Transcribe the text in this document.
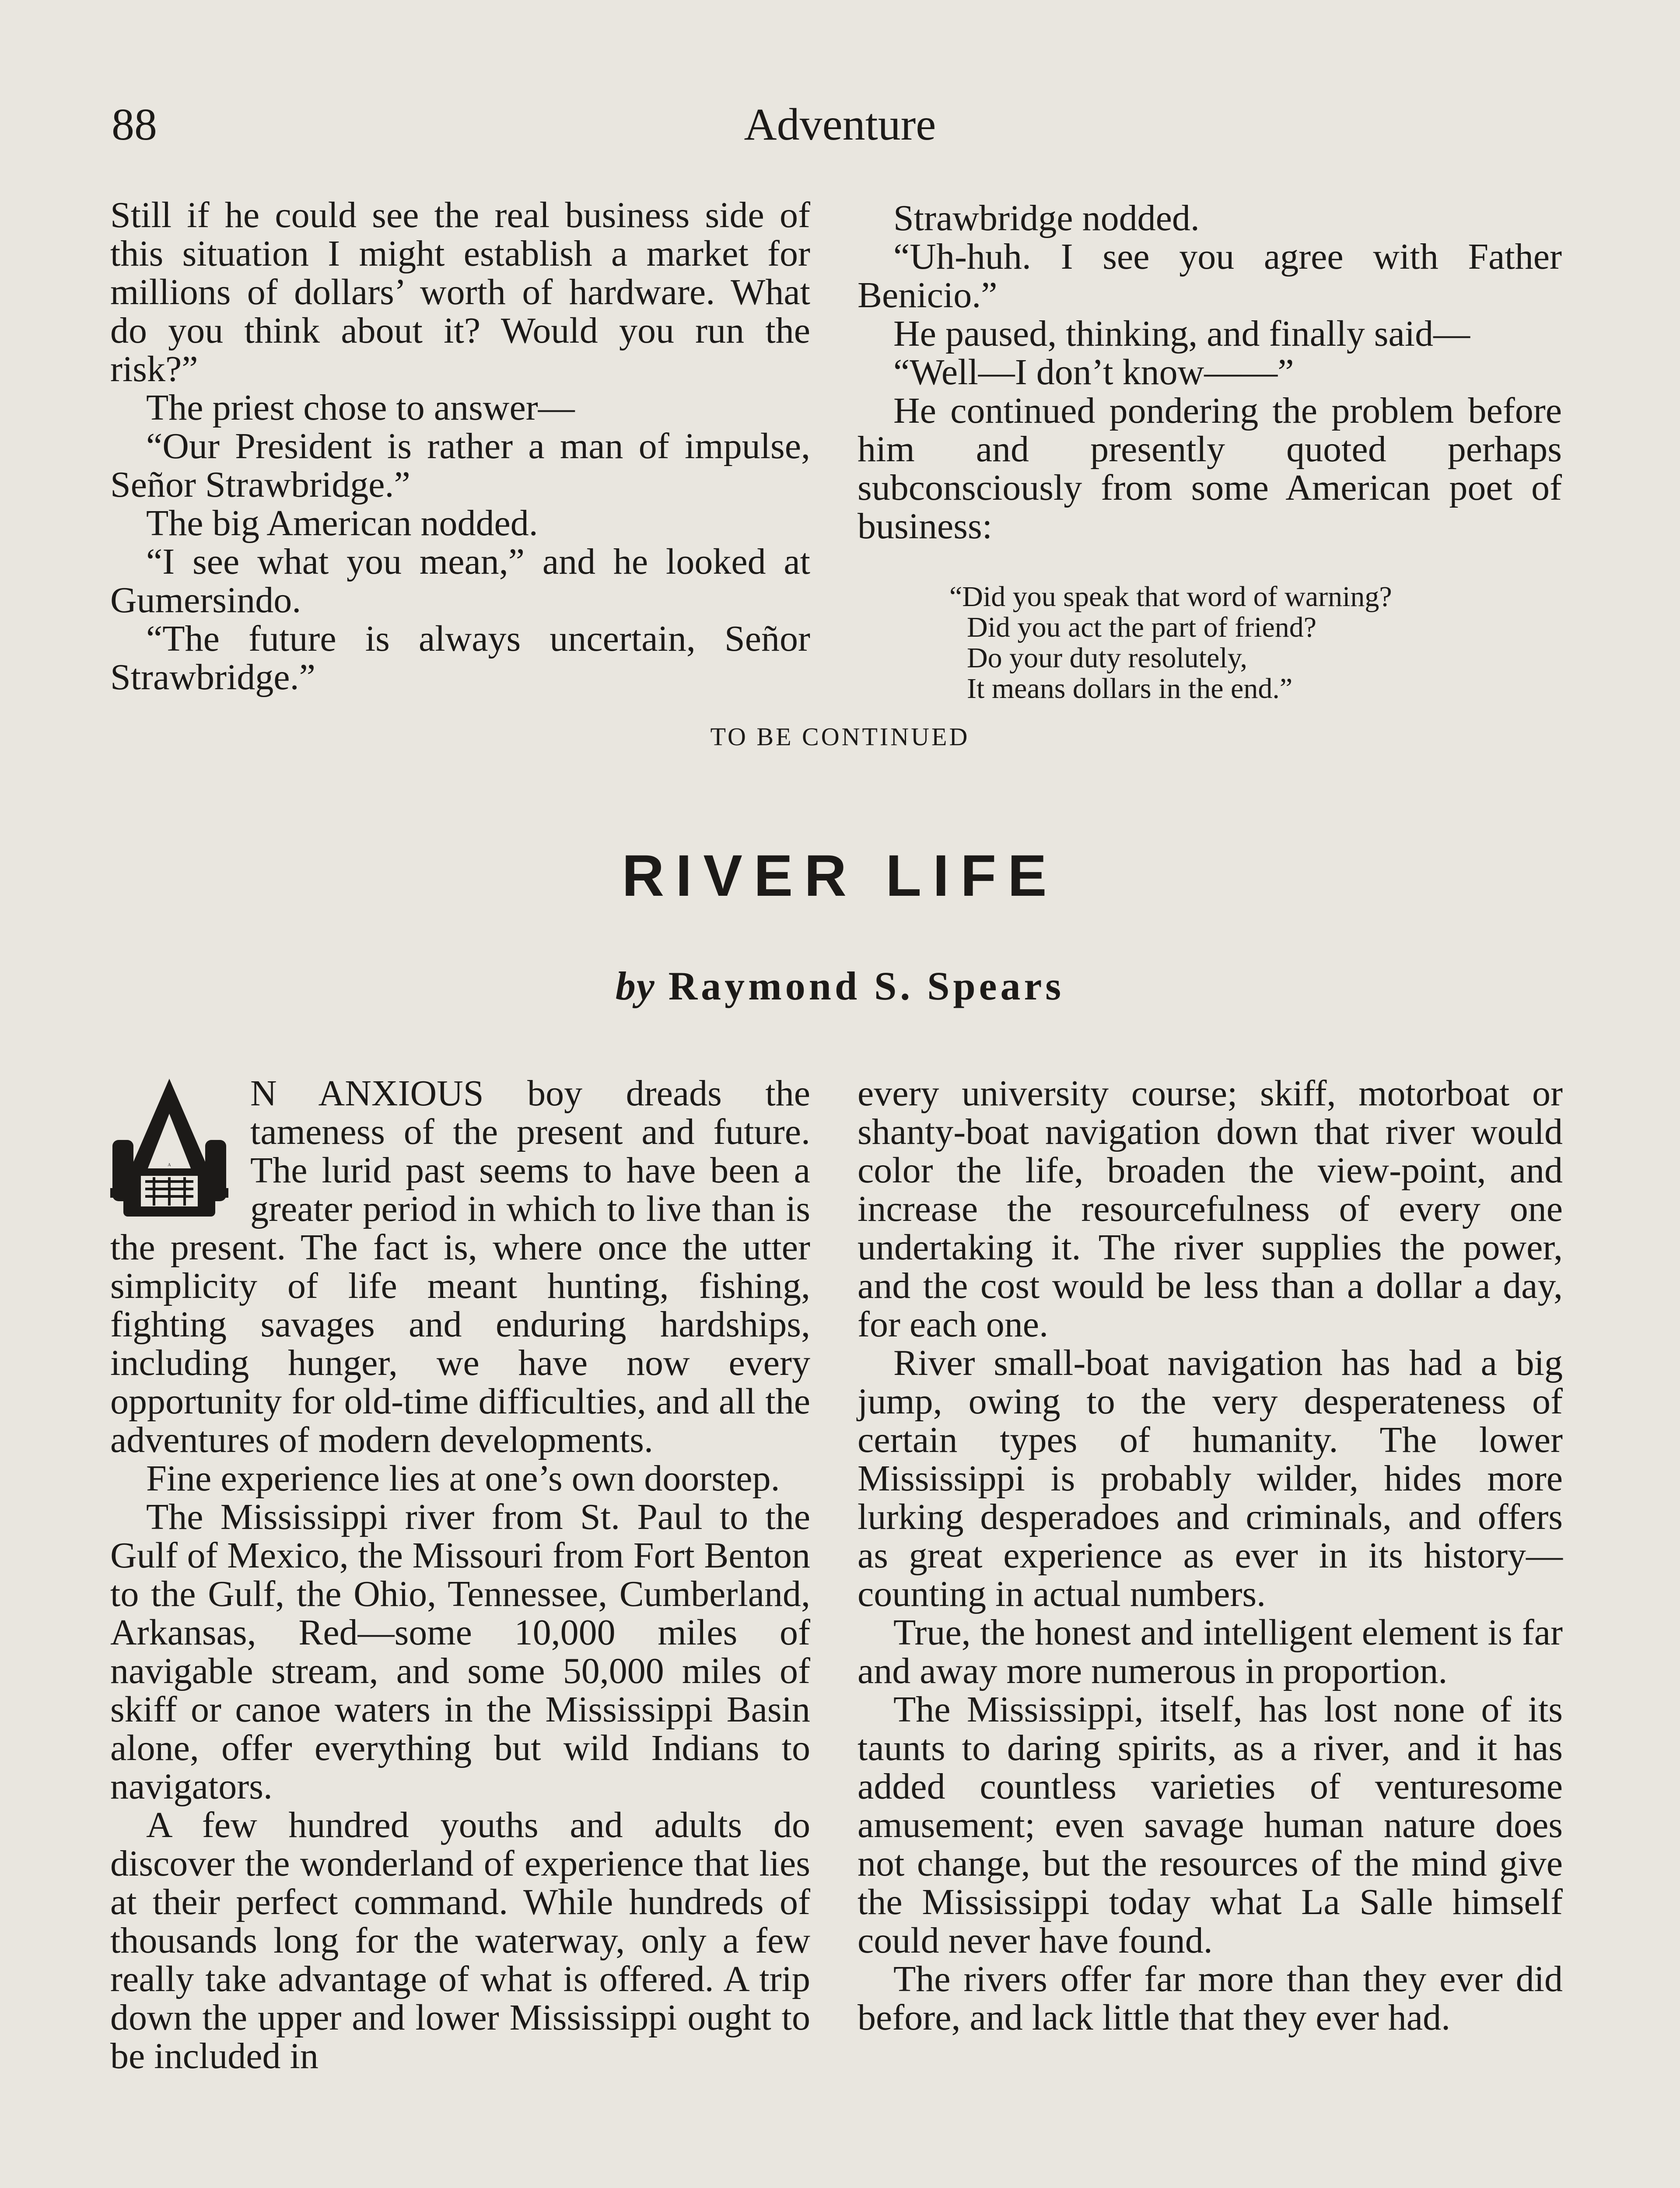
88	Adventure

Still if he could see the real business side of this situation I might establish a market for millions of dollars’ worth of hardware. What do you think about it? Would you run the risk?”

The priest chose to answer—

“Our President is rather a man of impulse, Señor Strawbridge.”

The big American nodded.

“I see what you mean,” and he looked at Gumersindo.

“The future is always uncertain, Señor Strawbridge.”

Strawbridge nodded.

“Uh-huh. I see you agree with Father Benicio.”

He paused, thinking, and finally said—

“Well—I don’t know——”

He continued pondering the problem before him and presently quoted perhaps subconsciously from some American poet of business:

“Did you speak that word of warning?
Did you act the part of friend?
Do your duty resolutely,
It means dollars in the end.”
TO BE CONTINUED
RIVER LIFE
by Raymond S. Spears
A

N ANXIOUS boy dreads the tameness of the present and future. The lurid past seems to have been a greater period in which to live than is the present. The fact is, where once the utter simplicity of life meant hunting, fishing, fighting savages and enduring hardships, including hunger, we have now every opportunity for old-time difficulties, and all the adventures of modern developments.

Fine experience lies at one’s own doorstep.

The Mississippi river from St. Paul to the Gulf of Mexico, the Missouri from Fort Benton to the Gulf, the Ohio, Tennessee, Cumberland, Arkansas, Red—some 10,000 miles of navigable stream, and some 50,000 miles of skiff or canoe waters in the Mississippi Basin alone, offer everything but wild Indians to navigators.

A few hundred youths and adults do discover the wonderland of experience that lies at their perfect command. While hundreds of thousands long for the waterway, only a few really take advantage of what is offered. A trip down the upper and lower Mississippi ought to be included in

every university course; skiff, motorboat or shanty-boat navigation down that river would color the life, broaden the view-point, and increase the resourcefulness of every one undertaking it. The river supplies the power, and the cost would be less than a dollar a day, for each one.

River small-boat navigation has had a big jump, owing to the very desperateness of certain types of humanity. The lower Mississippi is probably wilder, hides more lurking desperadoes and criminals, and offers as great experience as ever in its history—counting in actual numbers.

True, the honest and intelligent element is far and away more numerous in proportion.

The Mississippi, itself, has lost none of its taunts to daring spirits, as a river, and it has added countless varieties of venturesome amusement; even savage human nature does not change, but the resources of the mind give the Mississippi today what La Salle himself could never have found.

The rivers offer far more than they ever did before, and lack little that they ever had.
